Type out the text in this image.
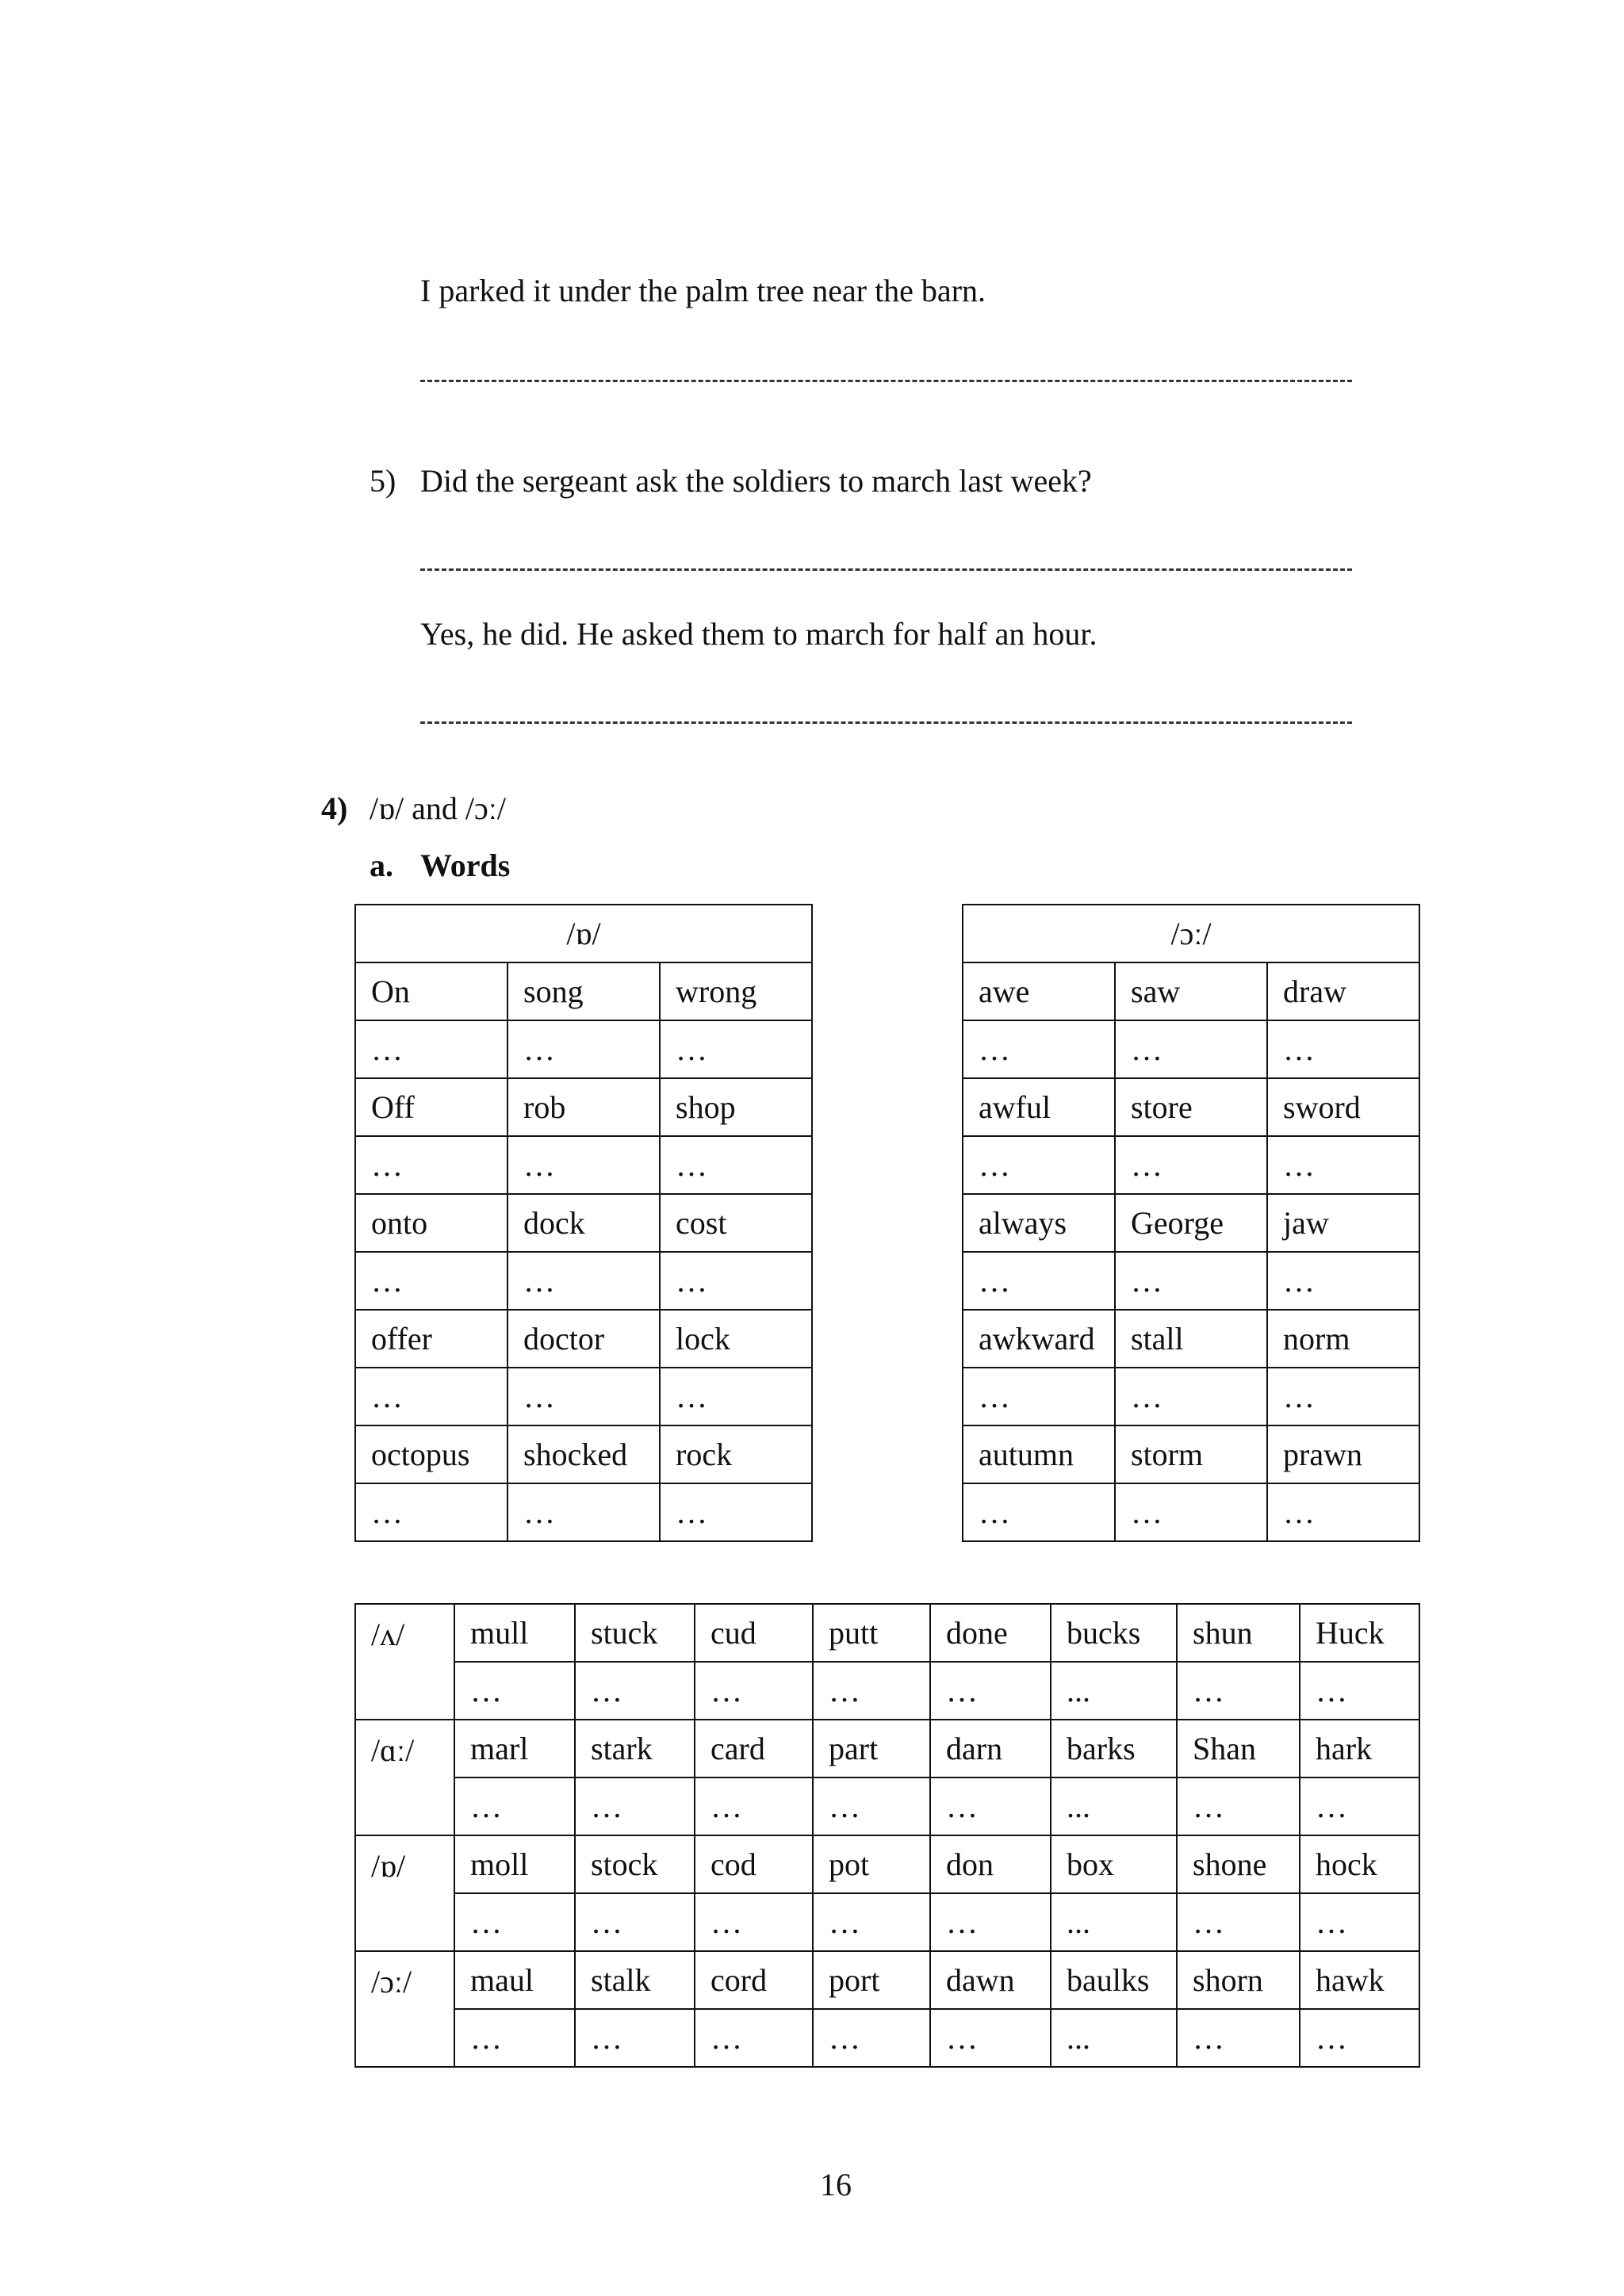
I parked it under the palm tree near the barn.
5) Did the sergeant ask the soldiers to march last week?
Yes, he did. He asked them to march for half an hour.
4) /ɒ/ and /ɔː/
a. Words
/ɒ/		
On	song	wrong
…	…	…
Off	rob	shop
…	…	…
onto	dock	cost
…	…	…
offer	doctor	lock
…	…	…
octopus	shocked	rock
…	…	…
/ɔː/		
awe	saw	draw
…	…	…
awful	store	sword
…	…	…
always	George	jaw
…	…	…
awkward	stall	norm
…	…	…
autumn	storm	prawn
…	…	…
/ʌ/	mull	stuck	cud	putt	done	bucks	shun	Huck
	…	…	…	…	…	...	…	…
/ɑː/	marl	stark	card	part	darn	barks	Shan	hark
	…	…	…	…	…	...	…	…
/ɒ/	moll	stock	cod	pot	don	box	shone	hock
	…	…	…	…	…	...	…	…
/ɔː/	maul	stalk	cord	port	dawn	baulks	shorn	hawk
	…	…	…	…	…	...	…	…
16
